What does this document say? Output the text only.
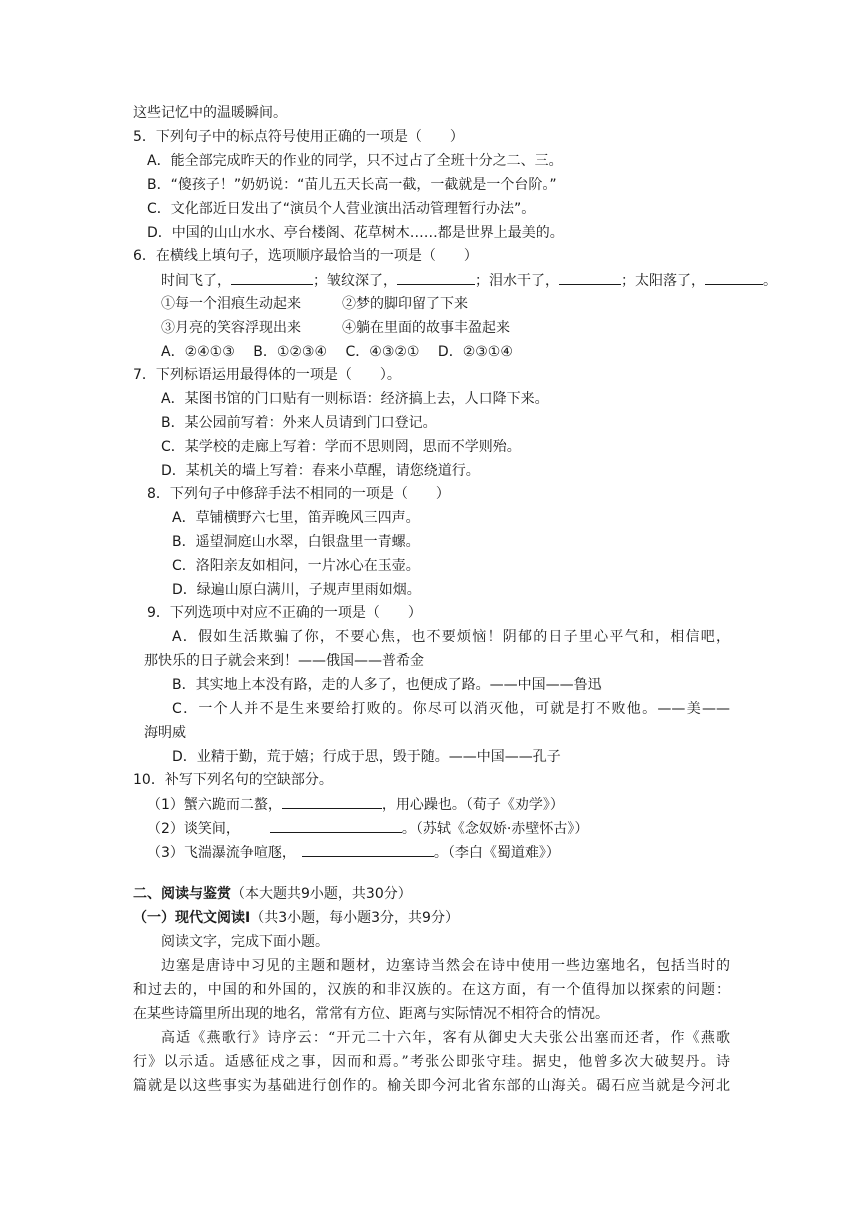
这些记忆中的温暖瞬间。
5．下列句子中的标点符号使用正确的一项是（　　）
A．能全部完成昨天的作业的同学，只不过占了全班十分之二、三。
B．“傻孩子！”奶奶说：“苗儿五天长高一截，一截就是一个台阶。”
C．文化部近日发出了“演员个人营业演出活动管理暂行办法”。
D．中国的山山水水、亭台楼阁、花草树木……都是世界上最美的。
6．在横线上填句子，选项顺序最恰当的一项是（　　）
时间飞了，	；皱纹深了，	；泪水干了，	；太阳落了，	。
①每一个泪痕生动起来	②梦的脚印留了下来
③月亮的笑容浮现出来	④躺在里面的故事丰盈起来
A．②④①③　 B．①②③④　 C．④③②①　 D．②③①④
7．下列标语运用最得体的一项是（　　）。
A．某图书馆的门口贴有一则标语：经济搞上去，人口降下来。
B．某公园前写着：外来人员请到门口登记。
C．某学校的走廊上写着：学而不思则罔，思而不学则殆。
D．某机关的墙上写着：春来小草醒，请您绕道行。
8．下列句子中修辞手法不相同的一项是（　　）
A．草铺横野六七里，笛弄晚风三四声。
B．遥望洞庭山水翠，白银盘里一青螺。
C．洛阳亲友如相问，一片冰心在玉壶。
D．绿遍山原白满川，子规声里雨如烟。
9．下列选项中对应不正确的一项是（　　）
A．假如生活欺骗了你，不要心焦，也不要烦恼！阴郁的日子里心平气和，相信吧，
那快乐的日子就会来到！——俄国——普希金
B．其实地上本没有路，走的人多了，也便成了路。——中国——鲁迅
C．一个人并不是生来要给打败的。你尽可以消灭他，可就是打不败他。——美——
海明威
D．业精于勤，荒于嬉；行成于思，毁于随。——中国——孔子
10．补写下列名句的空缺部分。
（1）蟹六跪而二螯，	，用心躁也。（荀子《劝学》）
（2）谈笑间，	。（苏轼《念奴娇·赤壁怀古》）
（3）飞湍瀑流争喧豗，	。（李白《蜀道难》）
二、阅读与鉴赏（本大题共9小题，共30分）
（一）现代文阅读Ⅰ（共3小题，每小题3分，共9分）
阅读文字，完成下面小题。
边塞是唐诗中习见的主题和题材，边塞诗当然会在诗中使用一些边塞地名，包括当时的
和过去的，中国的和外国的，汉族的和非汉族的。在这方面，有一个值得加以探索的问题：
在某些诗篇里所出现的地名，常常有方位、距离与实际情况不相符合的情况。
高适《燕歌行》诗序云：“开元二十六年，客有从御史大夫张公出塞而还者，作《燕歌
行》以示适。适感征戍之事，因而和焉。”考张公即张守珪。据史，他曾多次大破契丹。诗
篇就是以这些事实为基础进行创作的。榆关即今河北省东部的山海关。碣石应当就是今河北
